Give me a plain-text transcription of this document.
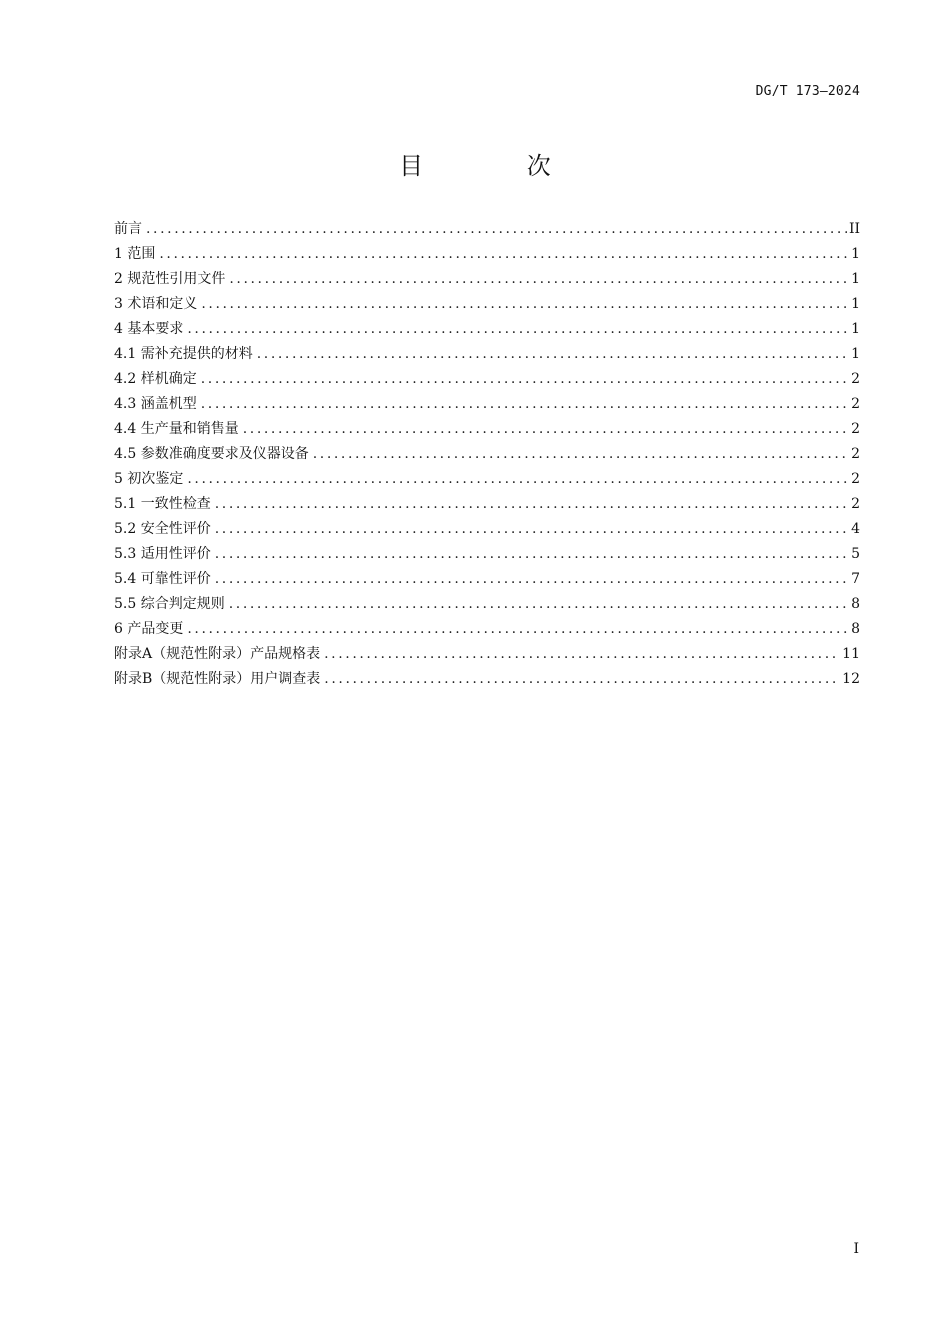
DG/T 173—2024
目 次
前言 .....	II
1 范围 .....	1
2 规范性引用文件 .....	1
3 术语和定义 .....	1
4 基本要求 .....	1
4.1 需补充提供的材料 .....	1
4.2 样机确定 .....	2
4.3 涵盖机型 .....	2
4.4 生产量和销售量 .....	2
4.5 参数准确度要求及仪器设备 .....	2
5 初次鉴定 .....	2
5.1 一致性检查 .....	2
5.2 安全性评价 .....	4
5.3 适用性评价 .....	5
5.4 可靠性评价 .....	7
5.5 综合判定规则 .....	8
6 产品变更 .....	8
附录A（规范性附录）产品规格表 .....	11
附录B（规范性附录）用户调查表 .....	12
I
